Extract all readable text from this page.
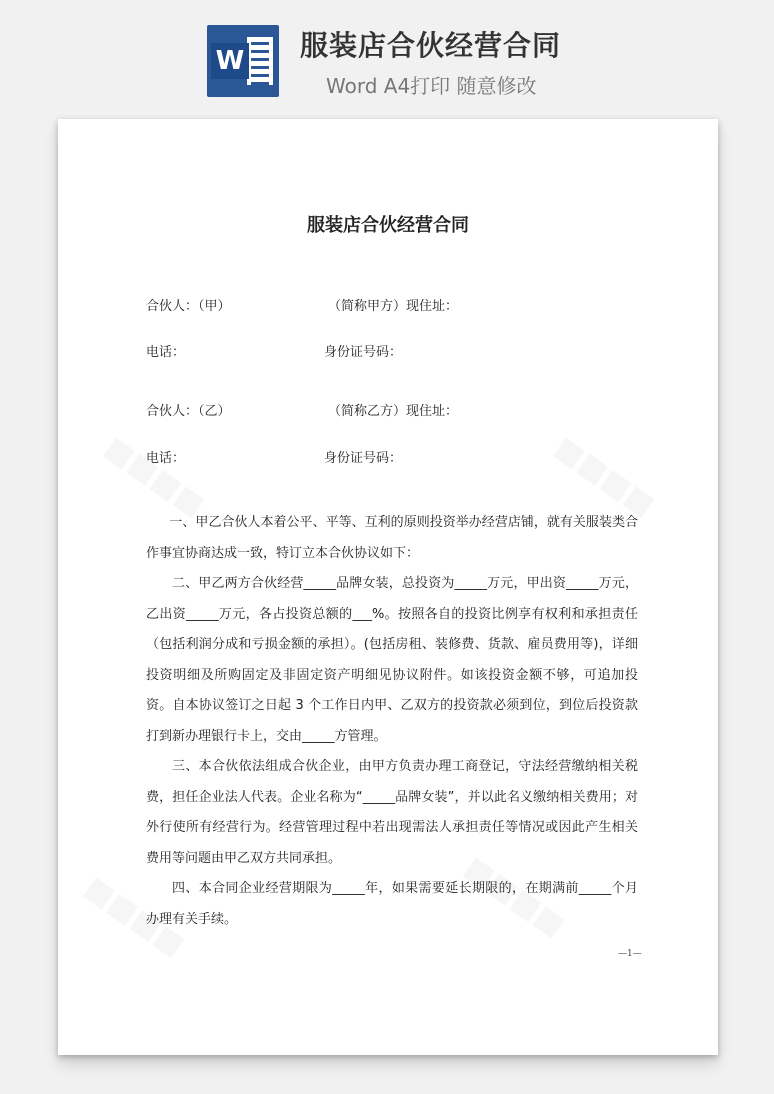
W 服装店合伙经营合同
Word A4打印 随意修改
服装店合伙经营合同
合伙人：（甲）	（简称甲方）现住址：
电话：	身份证号码：
合伙人：（乙）	（简称乙方）现住址：
电话：	身份证号码：

一、甲乙合伙人本着公平、平等、互利的原则投资举办经营店铺，就有关服装类合作事宜协商达成一致，特订立本合伙协议如下：

二、甲乙两方合伙经营_____品牌女装，总投资为_____万元，甲出资_____万元，乙出资_____万元，各占投资总额的___%。按照各自的投资比例享有权利和承担责任（包括利润分成和亏损金额的承担）。(包括房租、装修费、货款、雇员费用等)，详细投资明细及所购固定及非固定资产明细见协议附件。如该投资金额不够，可追加投资。自本协议签订之日起 3 个工作日内甲、乙双方的投资款必须到位，到位后投资款打到新办理银行卡上，交由_____方管理。

三、本合伙依法组成合伙企业，由甲方负责办理工商登记，守法经营缴纳相关税费，担任企业法人代表。企业名称为“_____品牌女装”，并以此名义缴纳相关费用；对外行使所有经营行为。经营管理过程中若出现需法人承担责任等情况或因此产生相关费用等问题由甲乙双方共同承担。

四、本合同企业经营期限为_____年，如果需要延长期限的，在期满前_____个月办理有关手续。

—1—
